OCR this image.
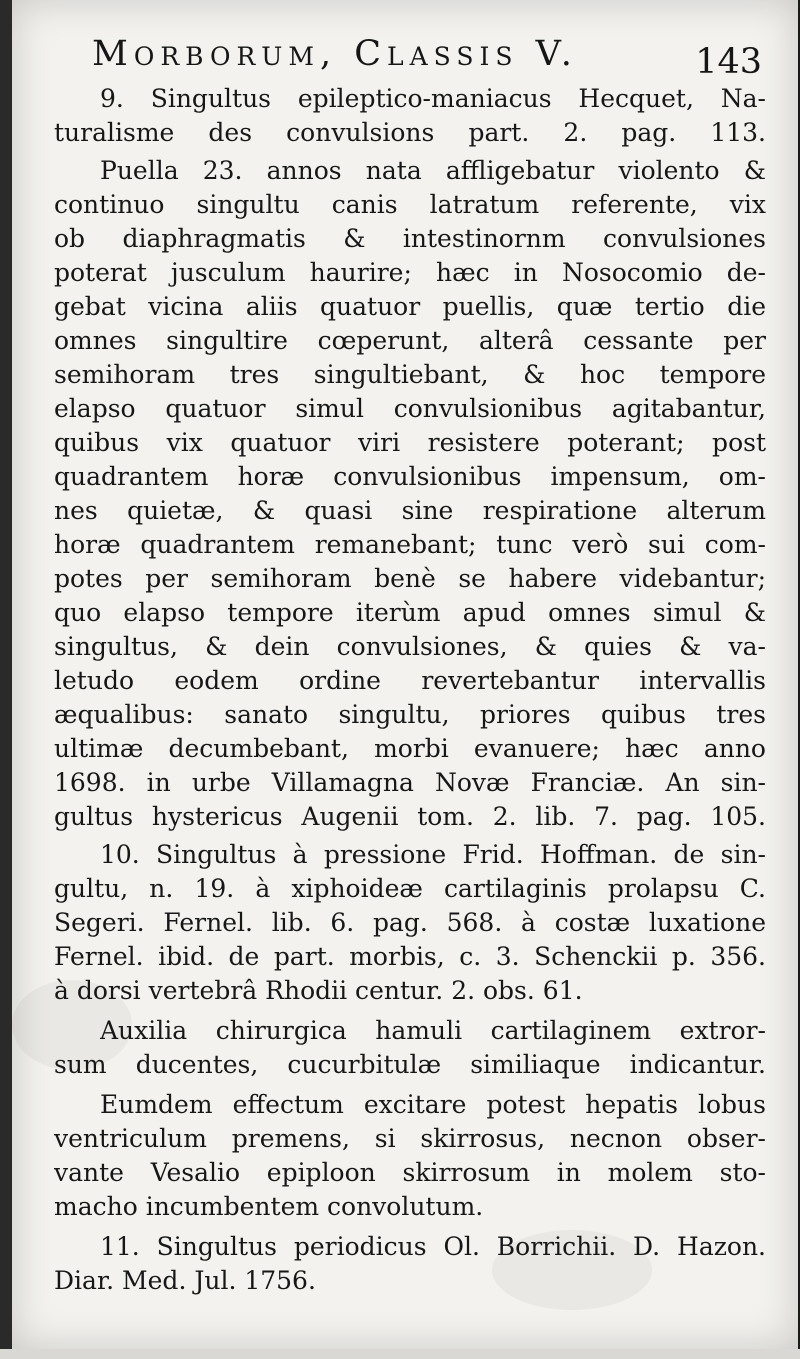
Morborum, Classis V.	143
9. Singultus epileptico-maniacus Hecquet, Na-
turalisme des convulsions part. 2. pag. 113.
Puella 23. annos nata affligebatur violento &
continuo singultu canis latratum referente, vix
ob diaphragmatis & intestinornm convulsiones
poterat jusculum haurire; hæc in Nosocomio de-
gebat vicina aliis quatuor puellis, quæ tertio die
omnes singultire cœperunt, alterâ cessante per
semihoram tres singultiebant, & hoc tempore
elapso quatuor simul convulsionibus agitabantur,
quibus vix quatuor viri resistere poterant; post
quadrantem horæ convulsionibus impensum, om-
nes quietæ, & quasi sine respiratione alterum
horæ quadrantem remanebant; tunc verò sui com-
potes per semihoram benè se habere videbantur;
quo elapso tempore iterùm apud omnes simul &
singultus, & dein convulsiones, & quies & va-
letudo eodem ordine revertebantur intervallis
æqualibus: sanato singultu, priores quibus tres
ultimæ decumbebant, morbi evanuere; hæc anno
1698. in urbe Villamagna Novæ Franciæ. An sin-
gultus hystericus Augenii tom. 2. lib. 7. pag. 105.
10. Singultus à pressione Frid. Hoffman. de sin-
gultu, n. 19. à xiphoideæ cartilaginis prolapsu C.
Segeri. Fernel. lib. 6. pag. 568. à costæ luxatione
Fernel. ibid. de part. morbis, c. 3. Schenckii p. 356.
à dorsi vertebrâ Rhodii centur. 2. obs. 61.
Auxilia chirurgica hamuli cartilaginem extror-
sum ducentes, cucurbitulæ similiaque indicantur.
Eumdem effectum excitare potest hepatis lobus
ventriculum premens, si skirrosus, necnon obser-
vante Vesalio epiploon skirrosum in molem sto-
macho incumbentem convolutum.
11. Singultus periodicus Ol. Borrichii. D. Hazon.
Diar. Med. Jul. 1756.
